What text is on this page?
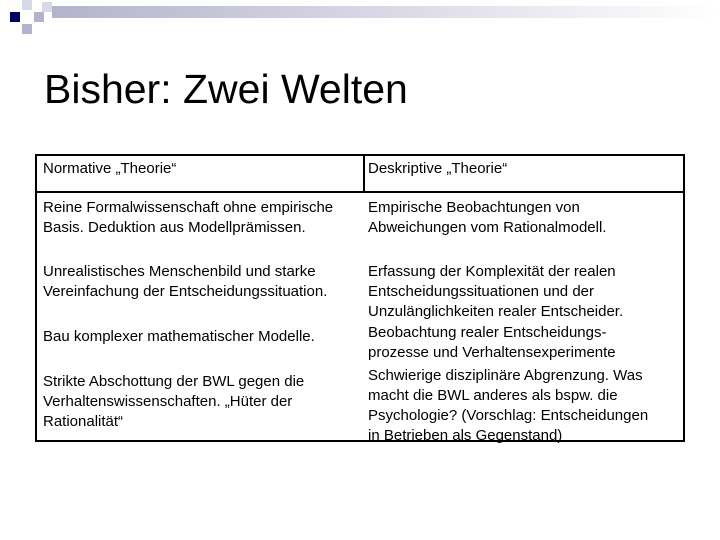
Bisher: Zwei Welten
Normative „Theorie“	Deskriptive „Theorie“
Reine Formalwissenschaft ohne empirische
Basis. Deduktion aus Modellprämissen.
Unrealistisches Menschenbild und starke
Vereinfachung der Entscheidungssituation.
Bau komplexer mathematischer Modelle.
Strikte Abschottung der BWL gegen die
Verhaltenswissenschaften. „Hüter der
Rationalität“
Empirische Beobachtungen von
Abweichungen vom Rationalmodell.
Erfassung der Komplexität der realen
Entscheidungssituationen und der
Unzulänglichkeiten realer Entscheider.
Beobachtung realer Entscheidungs-
prozesse und Verhaltensexperimente
Schwierige disziplinäre Abgrenzung. Was
macht die BWL anderes als bspw. die
Psychologie? (Vorschlag: Entscheidungen
in Betrieben als Gegenstand)
